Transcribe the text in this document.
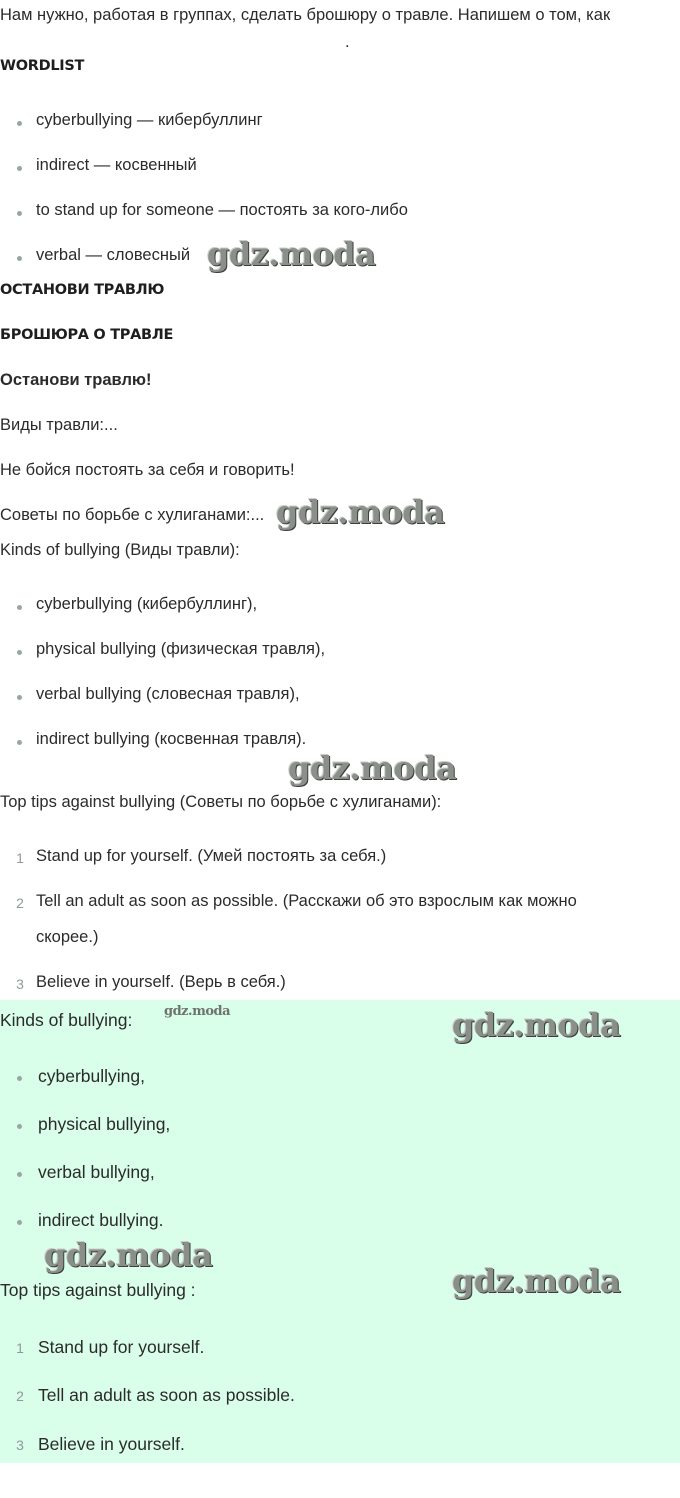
Нам нужно, работая в группах, сделать брошюру о травле. Напишем о том, как
.
WORDLIST
cyberbullying — кибербуллинг
indirect — косвенный
to stand up for someone — постоять за кого-либо
verbal — словесный
ОСТАНОВИ ТРАВЛЮ
БРОШЮРА О ТРАВЛЕ
Останови травлю!
Виды травли:...
Не бойся постоять за себя и говорить!
Советы по борьбе с хулиганами:...
Kinds of bullying (Виды травли):
cyberbullying (кибербуллинг),
physical bullying (физическая травля),
verbal bullying (словесная травля),
indirect bullying (косвенная травля).
Top tips against bullying (Советы по борьбе с хулиганами):
1 Stand up for yourself. (Умей постоять за себя.)
2 Tell an adult as soon as possible. (Расскажи об это взрослым как можно
скорее.)
3 Believe in yourself. (Верь в себя.)
Kinds of bullying:
cyberbullying,
physical bullying,
verbal bullying,
indirect bullying.
Top tips against bullying :
1 Stand up for yourself.
2 Tell an adult as soon as possible.
3 Believe in yourself.
gdz.moda
gdz.moda
gdz.moda
gdz.moda	gdz.moda
gdz.moda
gdz.moda
